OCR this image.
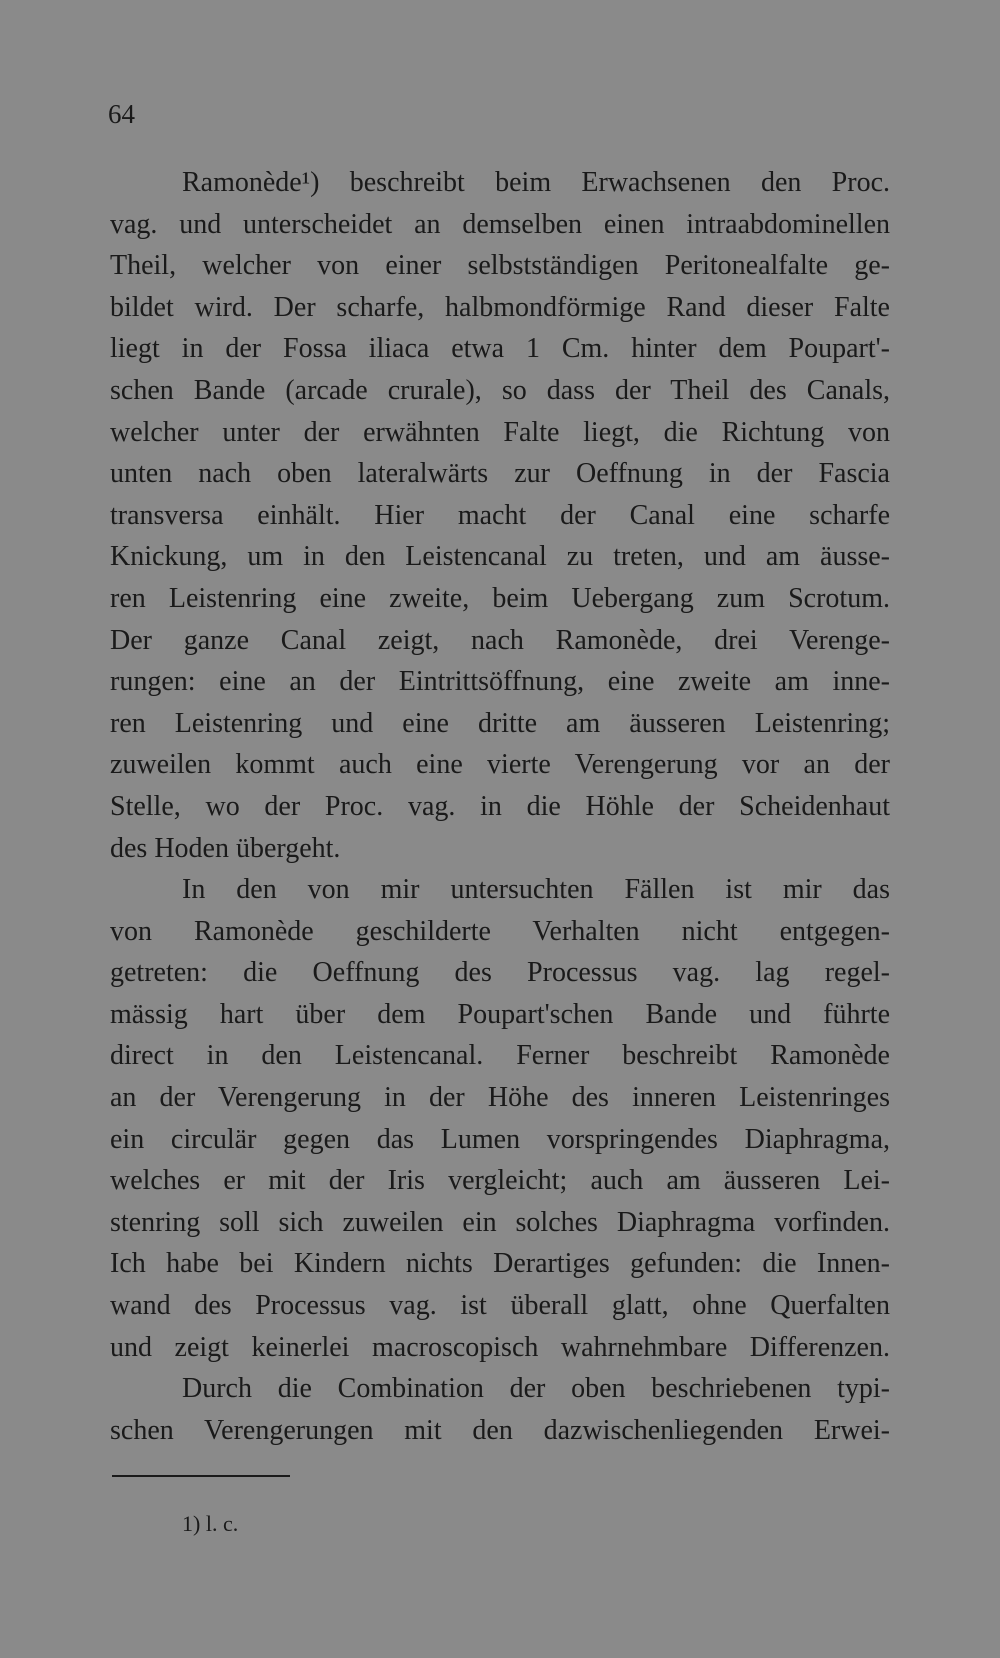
64
Ramonède¹) beschreibt beim Erwachsenen den Proc.
vag. und unterscheidet an demselben einen intraabdominellen
Theil, welcher von einer selbstständigen Peritonealfalte ge-
bildet wird. Der scharfe, halbmondförmige Rand dieser Falte
liegt in der Fossa iliaca etwa 1 Cm. hinter dem Poupart'-
schen Bande (arcade crurale), so dass der Theil des Canals,
welcher unter der erwähnten Falte liegt, die Richtung von
unten nach oben lateralwärts zur Oeffnung in der Fascia
transversa einhält. Hier macht der Canal eine scharfe
Knickung, um in den Leistencanal zu treten, und am äusse-
ren Leistenring eine zweite, beim Uebergang zum Scrotum.
Der ganze Canal zeigt, nach Ramonède, drei Verenge-
rungen: eine an der Eintrittsöffnung, eine zweite am inne-
ren Leistenring und eine dritte am äusseren Leistenring;
zuweilen kommt auch eine vierte Verengerung vor an der
Stelle, wo der Proc. vag. in die Höhle der Scheidenhaut
des Hoden übergeht.
In den von mir untersuchten Fällen ist mir das
von Ramonède geschilderte Verhalten nicht entgegen-
getreten: die Oeffnung des Processus vag. lag regel-
mässig hart über dem Poupart'schen Bande und führte
direct in den Leistencanal. Ferner beschreibt Ramonède
an der Verengerung in der Höhe des inneren Leistenringes
ein circulär gegen das Lumen vorspringendes Diaphragma,
welches er mit der Iris vergleicht; auch am äusseren Lei-
stenring soll sich zuweilen ein solches Diaphragma vorfinden.
Ich habe bei Kindern nichts Derartiges gefunden: die Innen-
wand des Processus vag. ist überall glatt, ohne Querfalten
und zeigt keinerlei macroscopisch wahrnehmbare Differenzen.
Durch die Combination der oben beschriebenen typi-
schen Verengerungen mit den dazwischenliegenden Erwei-
1) l. c.
